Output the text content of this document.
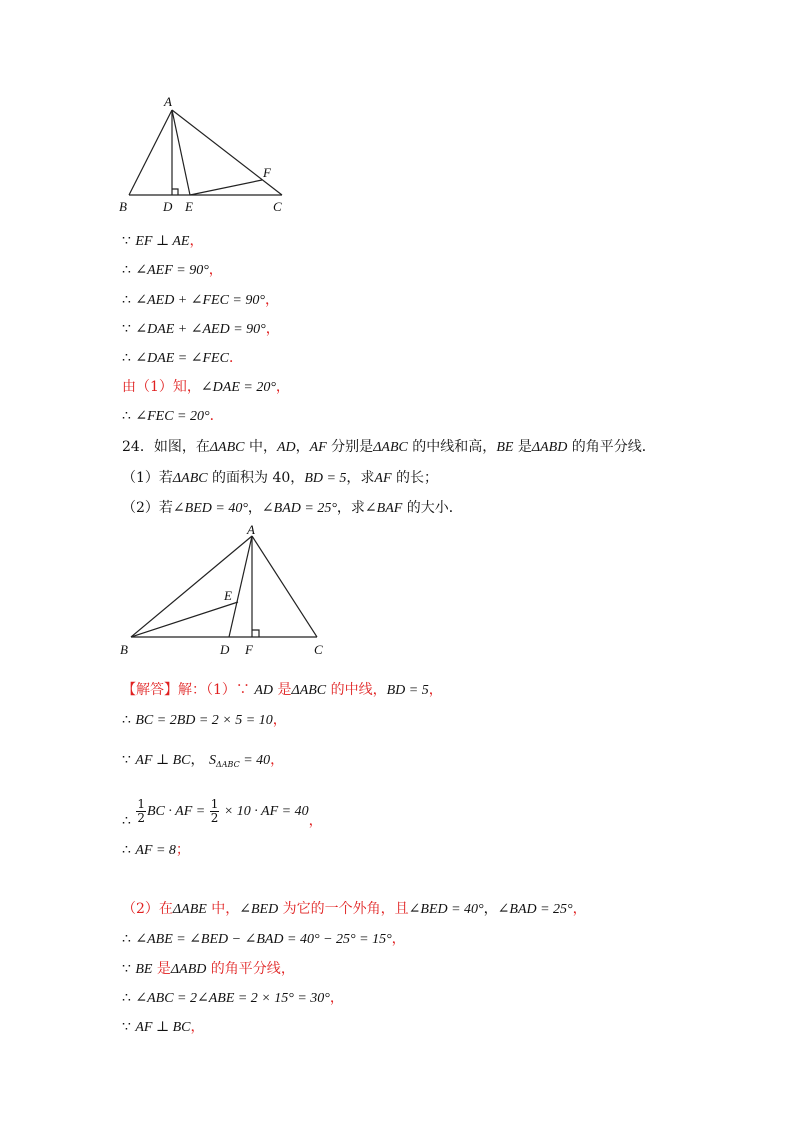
A
B	D E
F
C
∵ EF ⊥ AE，
∴ ∠AEF = 90°，
∴ ∠AED + ∠FEC = 90°，
∵ ∠DAE + ∠AED = 90°，
∴ ∠DAE = ∠FEC．
由（1）知，∠DAE = 20°，
∴ ∠FEC = 20°．
24．如图，在ΔABC 中，AD，AF 分别是ΔABC 的中线和高，BE 是ΔABD 的角平分线．
（1）若ΔABC 的面积为 40，BD = 5，求AF 的长；
（2）若∠BED = 40°，∠BAD = 25°，求∠BAF 的大小．
A
E
B	D F	C
【解答】解：（1）∵ AD 是ΔABC 的中线，BD = 5，
∴ BC = 2BD = 2 × 5 = 10，
∵ AF ⊥ BC， $S_{\Delta ABC} = 40$，
∴ $\frac{1}{2}$ BC · AF = $\frac{1}{2} \times 10$ · AF = 40，
∴ AF = 8；
（2）在ΔABE 中，∠BED 为它的一个外角，且∠BED = 40°，∠BAD = 25°，
∴ ∠ABE = ∠BED − ∠BAD = 40° − 25° = 15°，
∵ BE 是ΔABD 的角平分线，
∴ ∠ABC = 2∠ABE = 2 × 15° = 30°，
∵ AF ⊥ BC，
